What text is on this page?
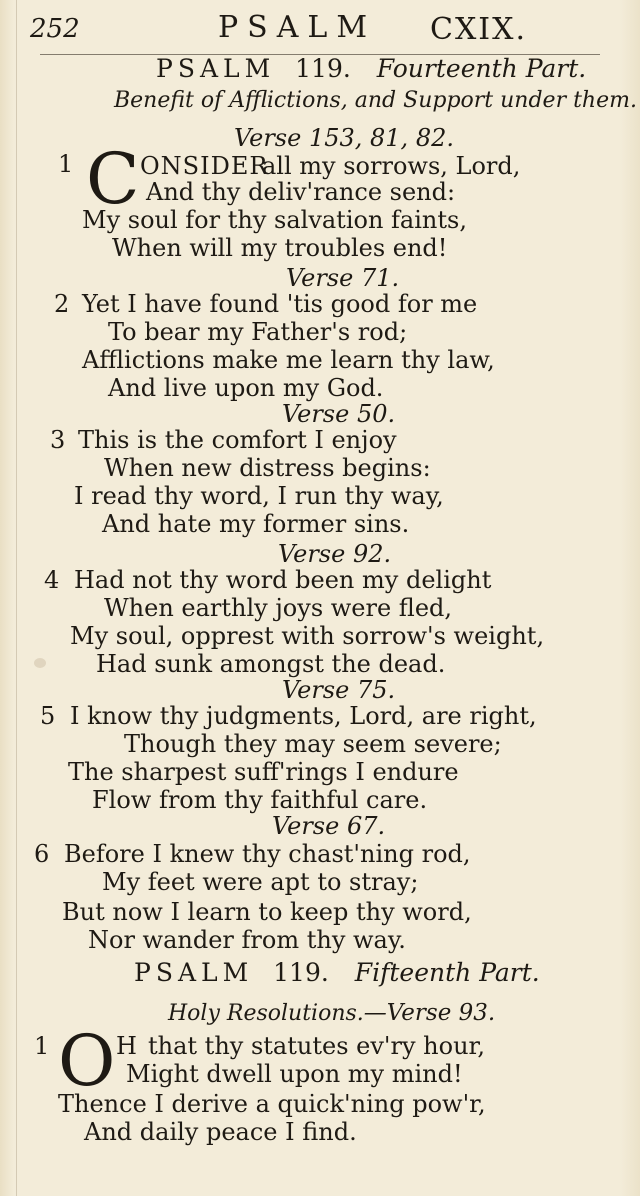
252	PSALM CXIX.
PSALM 119. Fourteenth Part.
Benefit of Afflictions, and Support under them.
Verse 153, 81, 82.
1 C ONSIDER
all my sorrows, Lord,
And thy deliv'rance send:
My soul for thy salvation faints,
When will my troubles end!
Verse 71.
2 Yet I have found 'tis good for me
To bear my Father's rod;
Afflictions make me learn thy law,
And live upon my God.
Verse 50.
3 This is the comfort I enjoy
When new distress begins:
I read thy word, I run thy way,
And hate my former sins.
Verse 92.
4 Had not thy word been my delight
When earthly joys were fled,
My soul, opprest with sorrow's weight,
Had sunk amongst the dead.
Verse 75.
5 I know thy judgments, Lord, are right,
Though they may seem severe;
The sharpest suff'rings I endure
Flow from thy faithful care.
Verse 67.
6 Before I knew thy chast'ning rod,
My feet were apt to stray;
But now I learn to keep thy word,
Nor wander from thy way.
PSALM 119. Fifteenth Part.
Holy Resolutions.—Verse 93.
1 O H that thy statutes ev'ry hour,
Might dwell upon my mind!
Thence I derive a quick'ning pow'r,
And daily peace I find.
